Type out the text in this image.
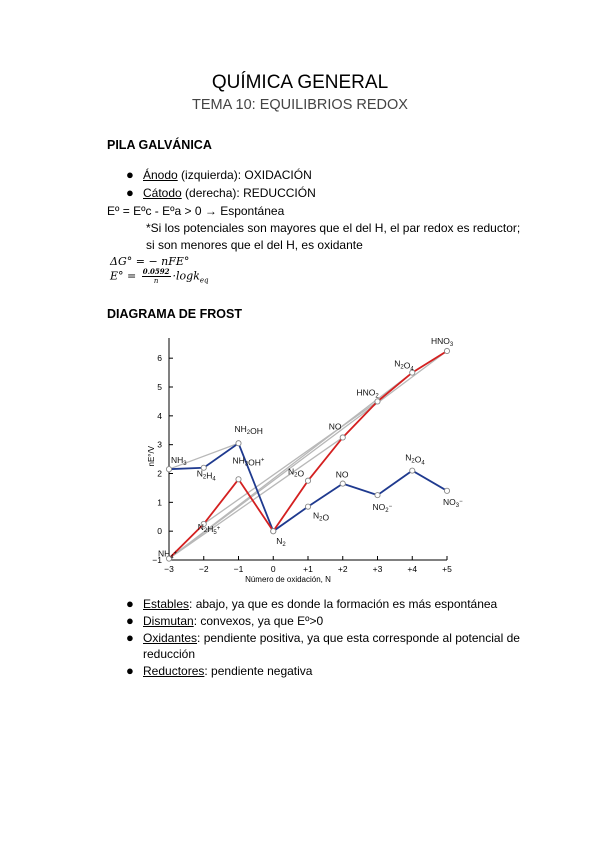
QUÍMICA GENERAL
TEMA 10: EQUILIBRIOS REDOX
PILA GALVÁNICA
● Ánodo (izquierda): OXIDACIÓN
● Cátodo (derecha): REDUCCIÓN
Eº = Eºc - Eºa > 0 → Espontánea
*Si los potenciales son mayores que el del H, el par redox es reductor;
si son menores que el del H, es oxidante
ΔG° = − nFE°
$E^\circ = \frac{0.0592}{n} \cdot\log k_{eq}$
DIAGRAMA DE FROST
−3	−2	−1	0	+1	+2	+3	+4	+5
−1
0
1
2
3
4
5
6
Número de oxidación, N
nE°/V $NH_3$
$N_2H_4$
$NH_2OH$
$N_2$
$N_2O$
NO
$NO_2^-$
$N_2O_4$
$NO_3^-$
$NH_4^+$
$N_2H_5^+$
$NH_3OH^+$
$N_2O$
NO
$HNO_2$
$N_2O_4$
$HNO_3$
● Estables: abajo, ya que es donde la formación es más espontánea
● Dismutan: convexos, ya que Eº>0
● Oxidantes: pendiente positiva, ya que esta corresponde al potencial de
reducción
● Reductores: pendiente negativa
